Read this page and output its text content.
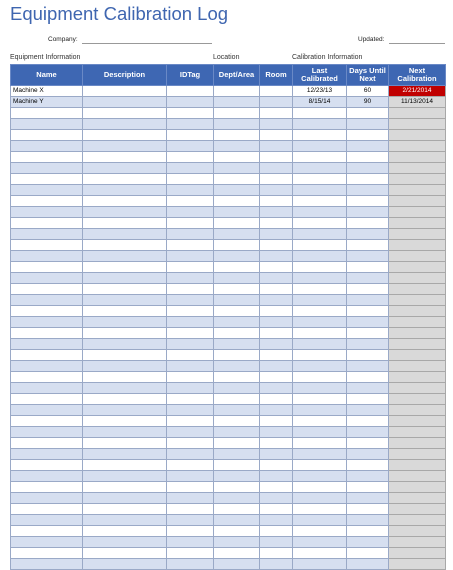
Equipment Calibration Log
Company:	Updated:
Equipment Information	Location	Calibration Information
Name	Description	IDTag	Dept/Area	Room	Last Calibrated	Days Until Next	Next Calibration
Machine X					12/23/13	60	2/21/2014
Machine Y					8/15/14	90	11/13/2014
